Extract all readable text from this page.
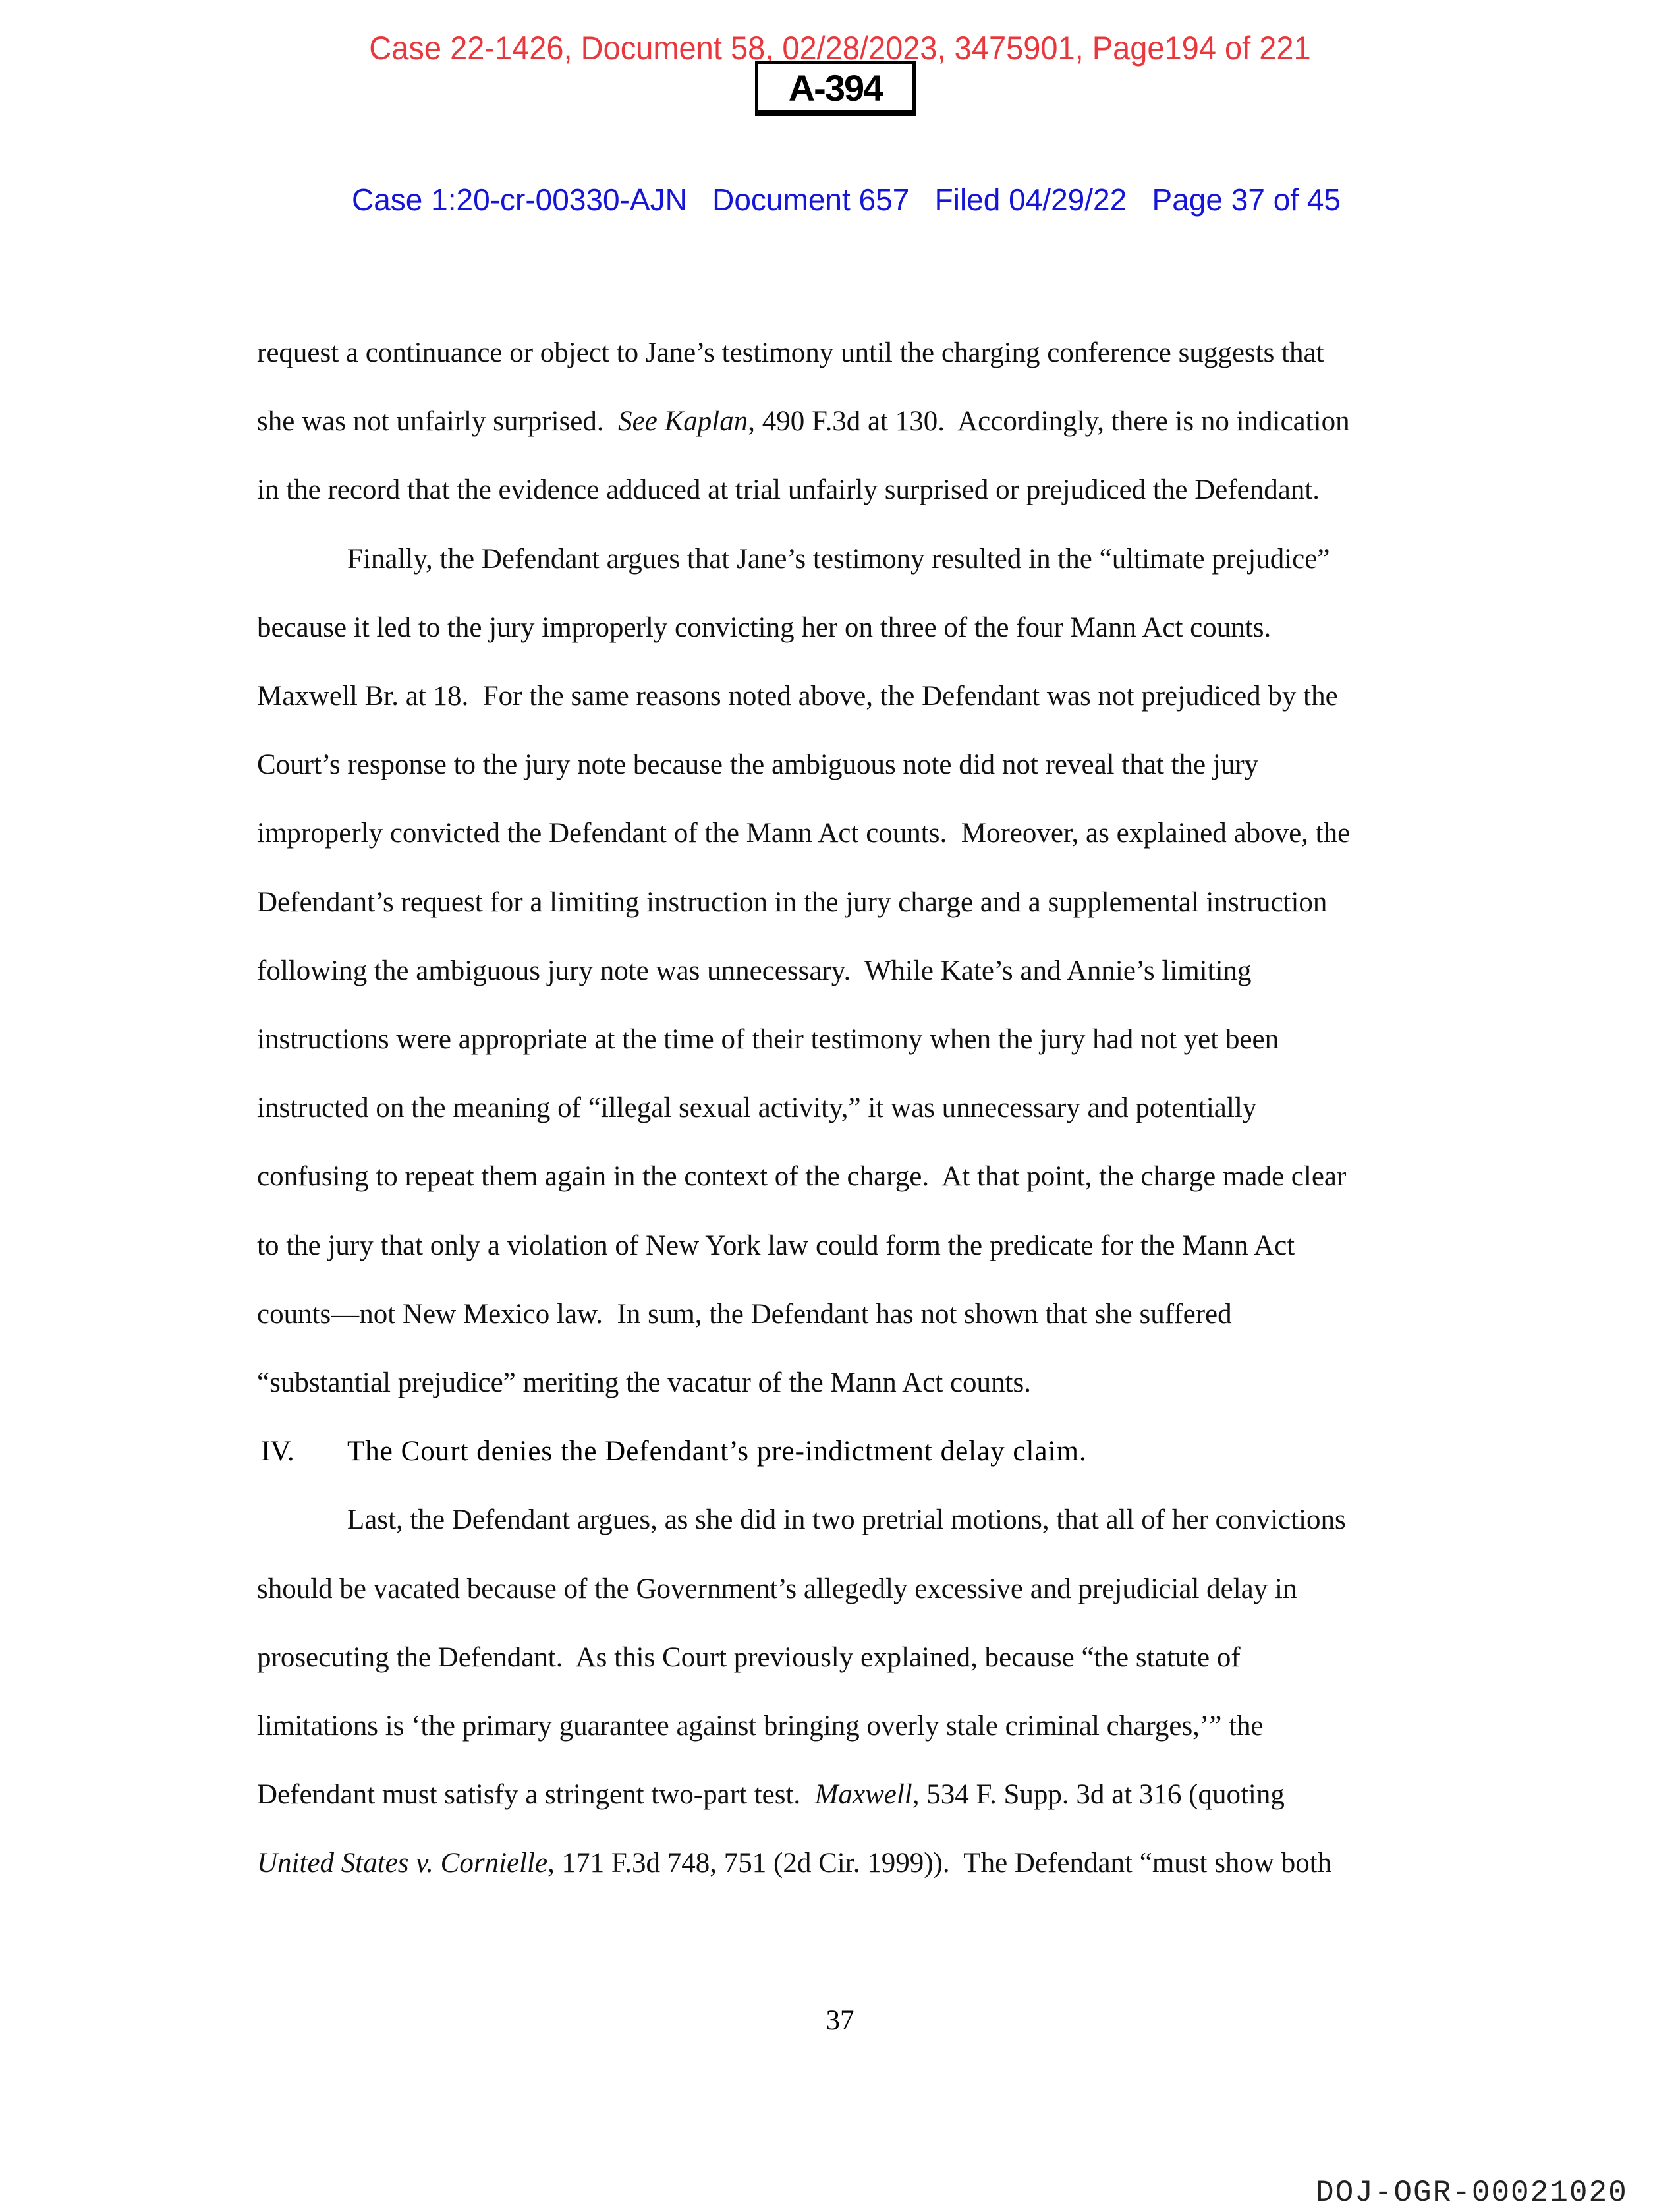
Case 22-1426, Document 58, 02/28/2023, 3475901, Page194 of 221
A-394
Case 1:20-cr-00330-AJN   Document 657   Filed 04/29/22   Page 37 of 45
request a continuance or object to Jane’s testimony until the charging conference suggests that
she was not unfairly surprised.  See Kaplan, 490 F.3d at 130.  Accordingly, there is no indication
in the record that the evidence adduced at trial unfairly surprised or prejudiced the Defendant.
Finally, the Defendant argues that Jane’s testimony resulted in the “ultimate prejudice”
because it led to the jury improperly convicting her on three of the four Mann Act counts.
Maxwell Br. at 18.  For the same reasons noted above, the Defendant was not prejudiced by the
Court’s response to the jury note because the ambiguous note did not reveal that the jury
improperly convicted the Defendant of the Mann Act counts.  Moreover, as explained above, the
Defendant’s request for a limiting instruction in the jury charge and a supplemental instruction
following the ambiguous jury note was unnecessary.  While Kate’s and Annie’s limiting
instructions were appropriate at the time of their testimony when the jury had not yet been
instructed on the meaning of “illegal sexual activity,” it was unnecessary and potentially
confusing to repeat them again in the context of the charge.  At that point, the charge made clear
to the jury that only a violation of New York law could form the predicate for the Mann Act
counts—not New Mexico law.  In sum, the Defendant has not shown that she suffered
“substantial prejudice” meriting the vacatur of the Mann Act counts.
Last, the Defendant argues, as she did in two pretrial motions, that all of her convictions
should be vacated because of the Government’s allegedly excessive and prejudicial delay in
prosecuting the Defendant.  As this Court previously explained, because “the statute of
limitations is ‘the primary guarantee against bringing overly stale criminal charges,’” the
Defendant must satisfy a stringent two-part test.  Maxwell, 534 F. Supp. 3d at 316 (quoting
United States v. Cornielle, 171 F.3d 748, 751 (2d Cir. 1999)).  The Defendant “must show both
IV. The Court denies the Defendant’s pre-indictment delay claim.
37
DOJ-OGR-00021020
